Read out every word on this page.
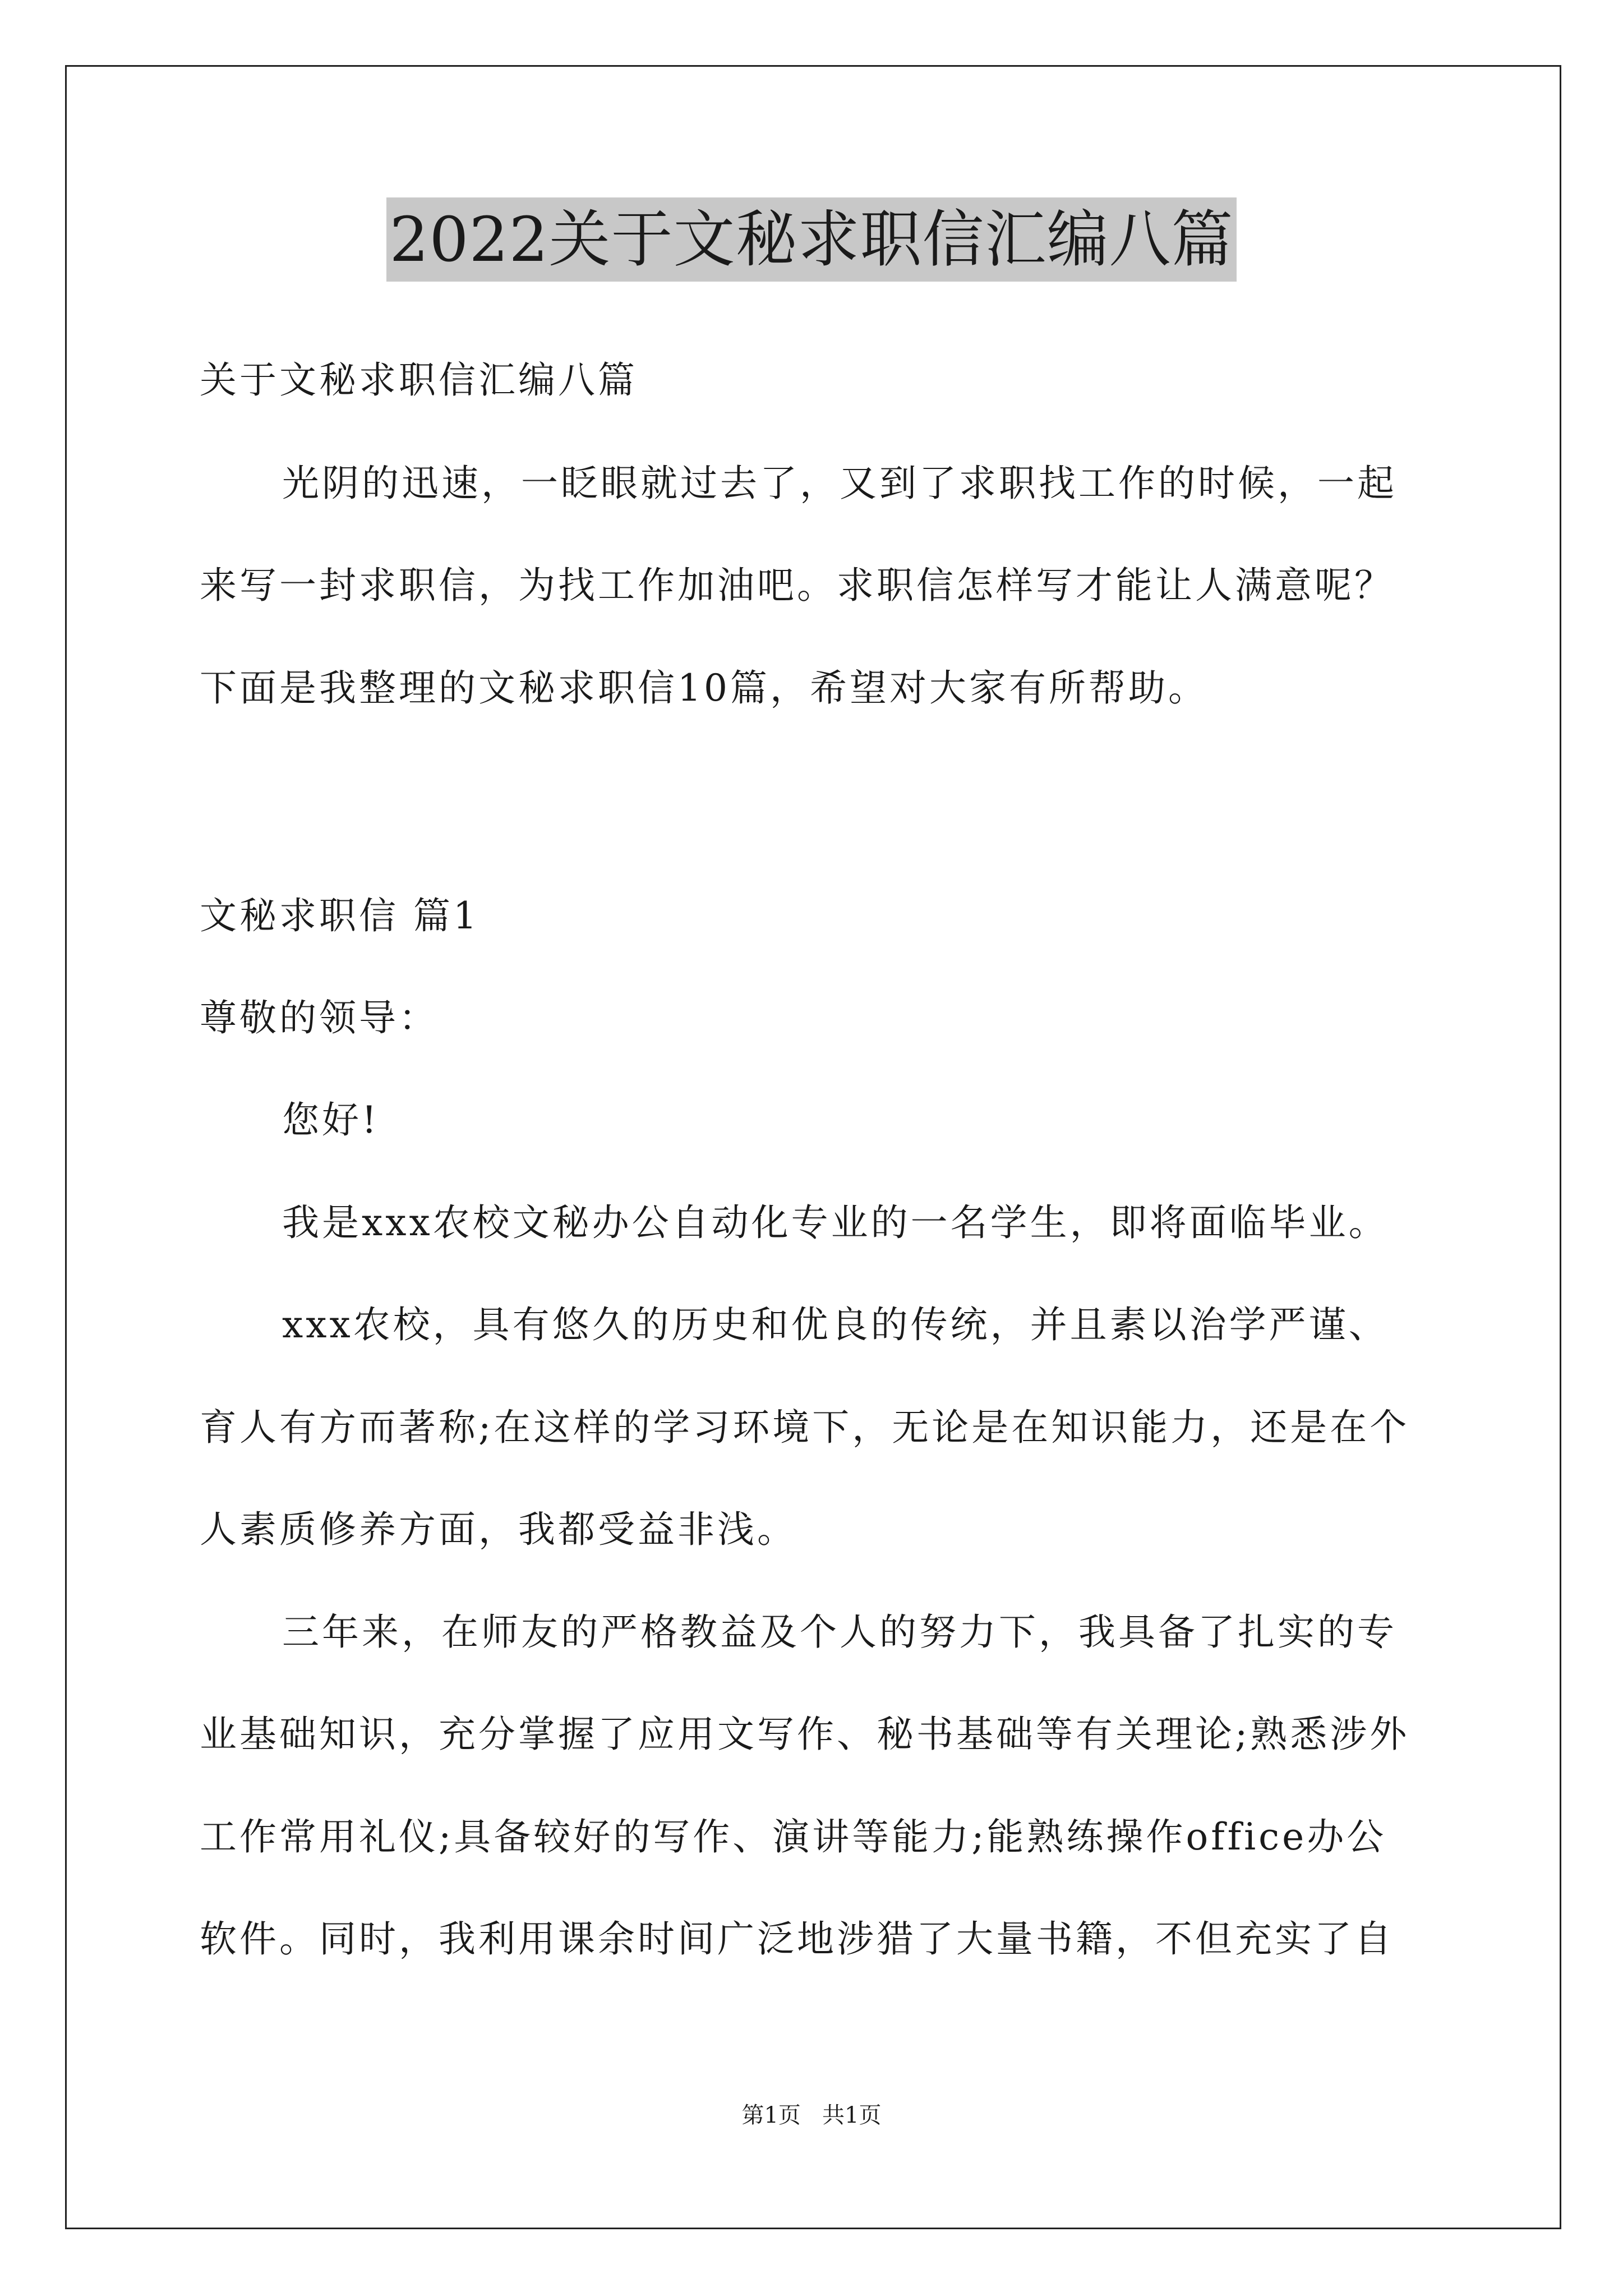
2022关于文秘求职信汇编八篇
关于文秘求职信汇编八篇
光阴的迅速，一眨眼就过去了，又到了求职找工作的时候，一起
来写一封求职信，为找工作加油吧。求职信怎样写才能让人满意呢？
下面是我整理的文秘求职信10篇，希望对大家有所帮助。
文秘求职信 篇1
尊敬的领导：
您好!
我是xxx农校文秘办公自动化专业的一名学生，即将面临毕业。
xxx农校，具有悠久的历史和优良的传统，并且素以治学严谨、
育人有方而著称;在这样的学习环境下，无论是在知识能力，还是在个
人素质修养方面，我都受益非浅。
三年来，在师友的严格教益及个人的努力下，我具备了扎实的专
业基础知识，充分掌握了应用文写作、秘书基础等有关理论;熟悉涉外
工作常用礼仪;具备较好的写作、演讲等能力;能熟练操作office办公
软件。同时，我利用课余时间广泛地涉猎了大量书籍，不但充实了自
第1页   共1页
